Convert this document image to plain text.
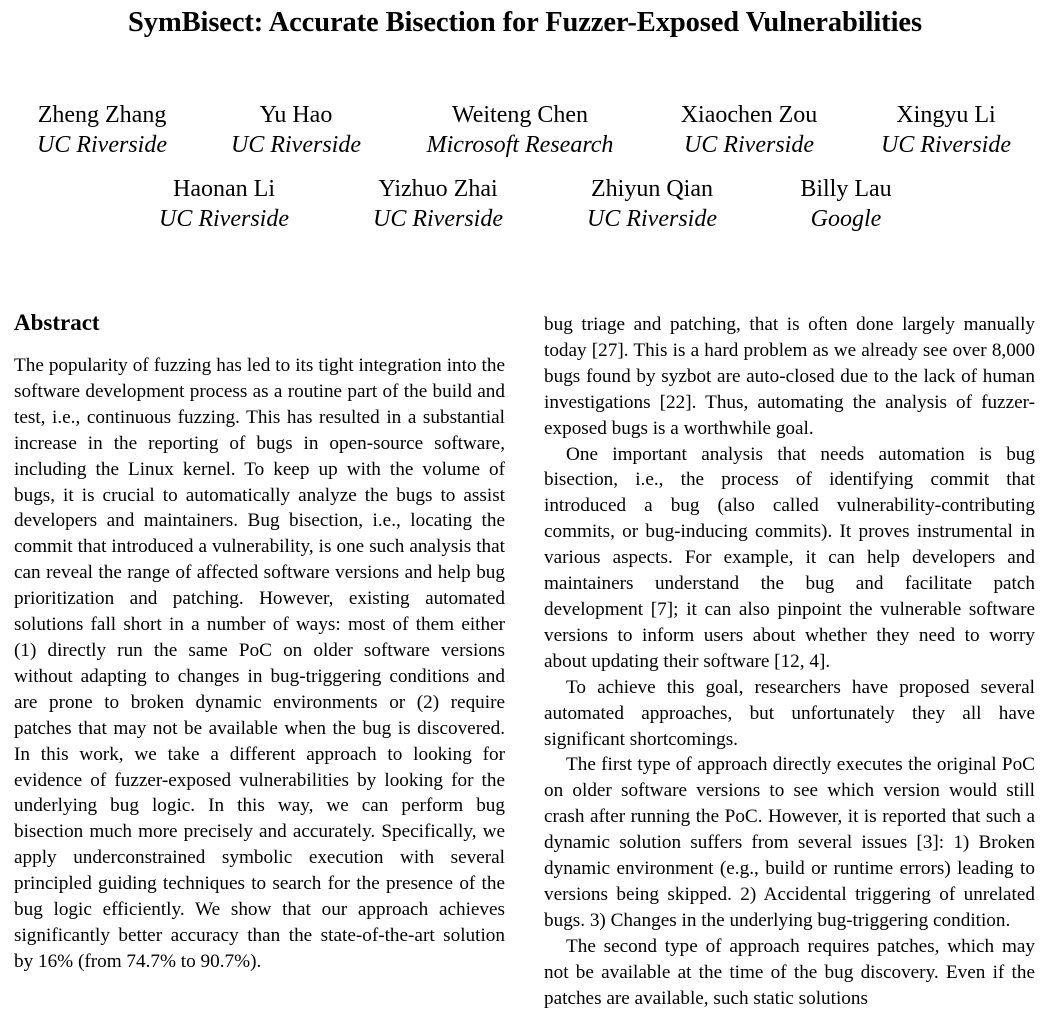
SymBisect: Accurate Bisection for Fuzzer-Exposed Vulnerabilities
Zheng Zhang
UC Riverside
Yu Hao
UC Riverside
Weiteng Chen
Microsoft Research
Xiaochen Zou
UC Riverside
Xingyu Li
UC Riverside
Haonan Li
UC Riverside
Yizhuo Zhai
UC Riverside
Zhiyun Qian
UC Riverside
Billy Lau
Google
Abstract

The popularity of fuzzing has led to its tight integration into the software development process as a routine part of the build and test, i.e., continuous fuzzing. This has resulted in a substantial increase in the reporting of bugs in open-source software, including the Linux kernel. To keep up with the volume of bugs, it is crucial to automatically analyze the bugs to assist developers and maintainers. Bug bisection, i.e., locating the commit that introduced a vulnerability, is one such analysis that can reveal the range of affected software versions and help bug prioritization and patching. However, existing automated solutions fall short in a number of ways: most of them either (1) directly run the same PoC on older software versions without adapting to changes in bug-triggering conditions and are prone to broken dynamic environments or (2) require patches that may not be available when the bug is discovered. In this work, we take a different approach to looking for evidence of fuzzer-exposed vulnerabilities by looking for the underlying bug logic. In this way, we can perform bug bisection much more precisely and accurately. Specifically, we apply underconstrained symbolic execution with several principled guiding techniques to search for the presence of the bug logic efficiently. We show that our approach achieves significantly better accuracy than the state-of-the-art solution by 16% (from 74.7% to 90.7%).

bug triage and patching, that is often done largely manually today [27]. This is a hard problem as we already see over 8,000 bugs found by syzbot are auto-closed due to the lack of human investigations [22]. Thus, automating the analysis of fuzzer-exposed bugs is a worthwhile goal.

One important analysis that needs automation is bug bisection, i.e., the process of identifying commit that introduced a bug (also called vulnerability-contributing commits, or bug-inducing commits). It proves instrumental in various aspects. For example, it can help developers and maintainers understand the bug and facilitate patch development [7]; it can also pinpoint the vulnerable software versions to inform users about whether they need to worry about updating their software [12, 4].

To achieve this goal, researchers have proposed several automated approaches, but unfortunately they all have significant shortcomings.

The first type of approach directly executes the original PoC on older software versions to see which version would still crash after running the PoC. However, it is reported that such a dynamic solution suffers from several issues [3]: 1) Broken dynamic environment (e.g., build or runtime errors) leading to versions being skipped. 2) Accidental triggering of unrelated bugs. 3) Changes in the underlying bug-triggering condition.

The second type of approach requires patches, which may not be available at the time of the bug discovery. Even if the patches are available, such static solutions
